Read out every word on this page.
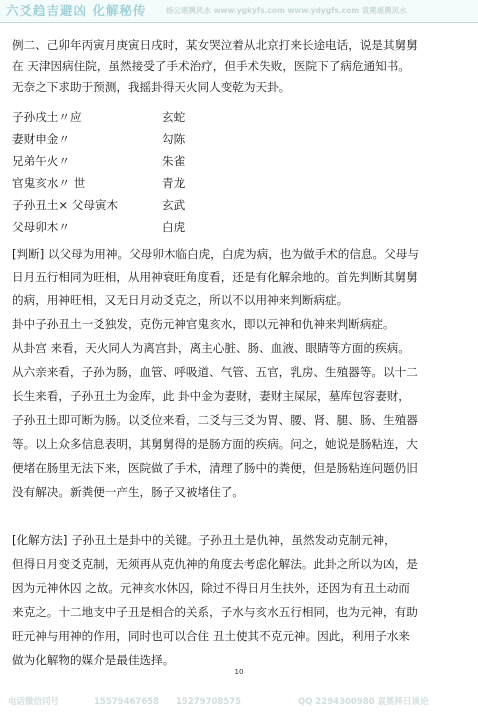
六爻趋吉避凶 化解秘传	杨公堪舆风水 www.ygkyfs.com www.ydygfs.com 袁冕堪舆风水
例二、己卯年丙寅月庚寅日戌时，某女哭泣着从北京打来长途电话，说是其舅舅
在 天津因病住院，虽然接受了手术治疗，但手术失败，医院下了病危通知书。
无奈之下求助于预测，我摇卦得天火同人变乾为天卦。
子孙戌土〃应	玄蛇
妻财申金〃	勾陈
兄弟午火〃	朱雀
官鬼亥水〃 世	青龙
子孙丑土× 父母寅木	玄武
父母卯木〃	白虎
[判断] 以父母为用神。父母卯木临白虎，白虎为病，也为做手术的信息。父母与
日月五行相同为旺相，从用神衰旺角度看，还是有化解余地的。首先判断其舅舅
的病，用神旺相，又无日月动爻克之，所以不以用神来判断病症。
卦中子孙丑土一爻独发，克伤元神官鬼亥水，即以元神和仇神来判断病症。
从卦宫 来看，天火同人为离宫卦，离主心脏、肠、血液、眼睛等方面的疾病。
从六亲来看，子孙为肠，血管、呼吸道、气管、五官，乳房、生殖器等。以十二
长生来看，子孙丑土为金库，此 卦中金为妻财，妻财主屎尿，墓库包容妻财，
子孙丑土即可断为肠。以爻位来看，二爻与三爻为胃、腰、肾、腿、肠、生殖器
等。以上众多信息表明，其舅舅得的是肠方面的疾病。问之，她说是肠粘连，大
便堵在肠里无法下来，医院做了手术，清理了肠中的粪便，但是肠粘连问题仍旧
没有解决。新粪便一产生，肠子又被堵住了。
[化解方法] 子孙丑土是卦中的关键。子孙丑土是仇神，虽然发动克制元神，
但得日月变爻克制，无须再从克仇神的角度去考虑化解法。此卦之所以为凶，是
因为元神休囚 之故。元神亥水休囚，除过不得日月生扶外，还因为有丑土动而
来克之。十二地支中子丑是相合的关系，子水与亥水五行相同，也为元神，有助
旺元神与用神的作用，同时也可以合住 丑土使其不克元神。因此，利用子水来
做为化解物的媒介是最佳选择。
10
电话微信同号	15579467658 15279708575	QQ 2294300980 袁冕择日谈论
